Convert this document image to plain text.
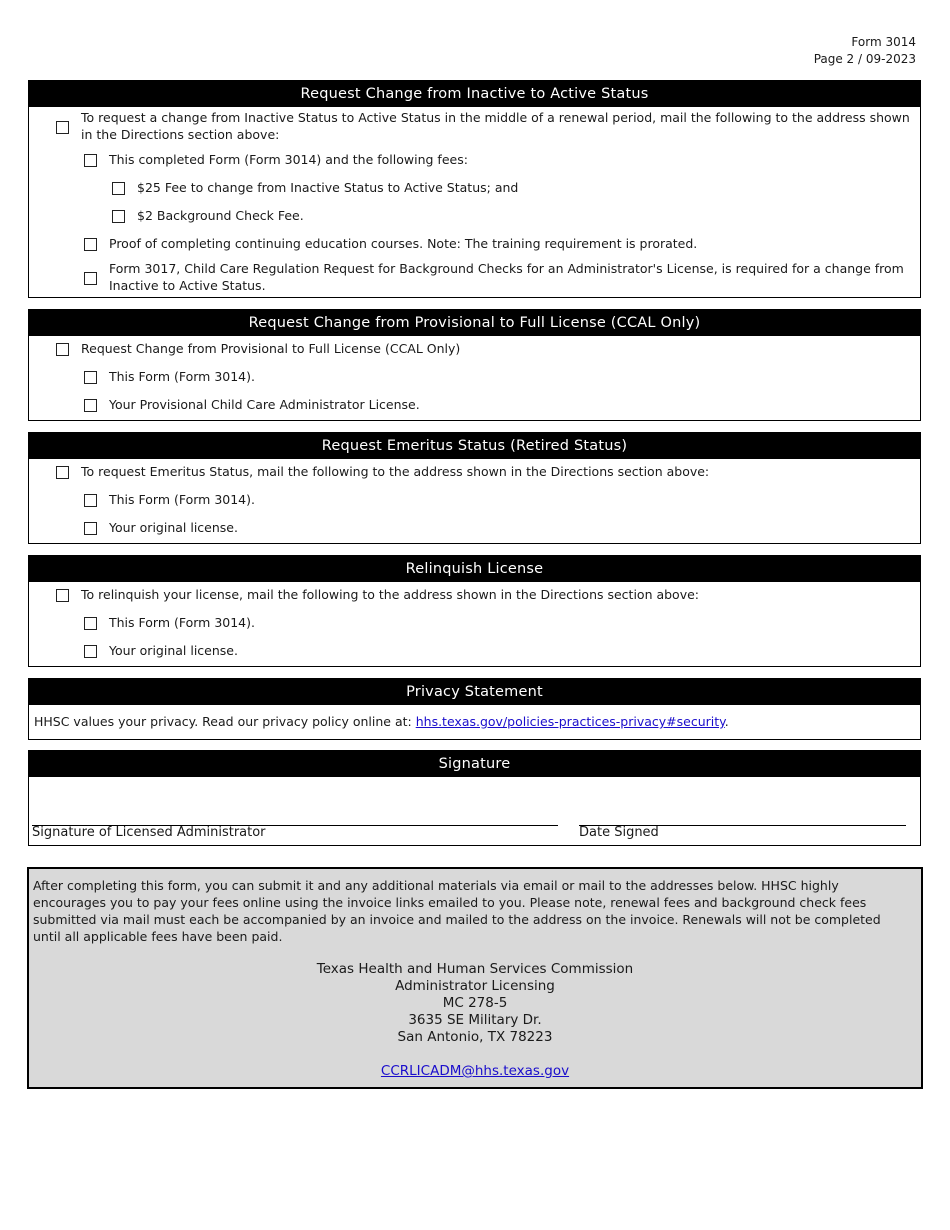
Form 3014
Page 2 / 09-2023
Request Change from Inactive to Active Status
To request a change from Inactive Status to Active Status in the middle of a renewal period, mail the following to the address shown in the Directions section above:
This completed Form (Form 3014) and the following fees:
$25 Fee to change from Inactive Status to Active Status; and
$2 Background Check Fee.
Proof of completing continuing education courses. Note: The training requirement is prorated.
Form 3017, Child Care Regulation Request for Background Checks for an Administrator's License, is required for a change from Inactive to Active Status.
Request Change from Provisional to Full License (CCAL Only)
Request Change from Provisional to Full License (CCAL Only)
This Form (Form 3014).
Your Provisional Child Care Administrator License.
Request Emeritus Status (Retired Status)
To request Emeritus Status, mail the following to the address shown in the Directions section above:
This Form (Form 3014).
Your original license.
Relinquish License
To relinquish your license, mail the following to the address shown in the Directions section above:
This Form (Form 3014).
Your original license.
Privacy Statement
HHSC values your privacy. Read our privacy policy online at: hhs.texas.gov/policies-practices-privacy#security.
Signature
Signature of Licensed Administrator	Date Signed
After completing this form, you can submit it and any additional materials via email or mail to the addresses below. HHSC highly encourages you to pay your fees online using the invoice links emailed to you. Please note, renewal fees and background check fees submitted via mail must each be accompanied by an invoice and mailed to the address on the invoice. Renewals will not be completed until all applicable fees have been paid.
Texas Health and Human Services Commission
Administrator Licensing
MC 278-5
3635 SE Military Dr.
San Antonio, TX 78223
CCRLICADM@hhs.texas.gov
